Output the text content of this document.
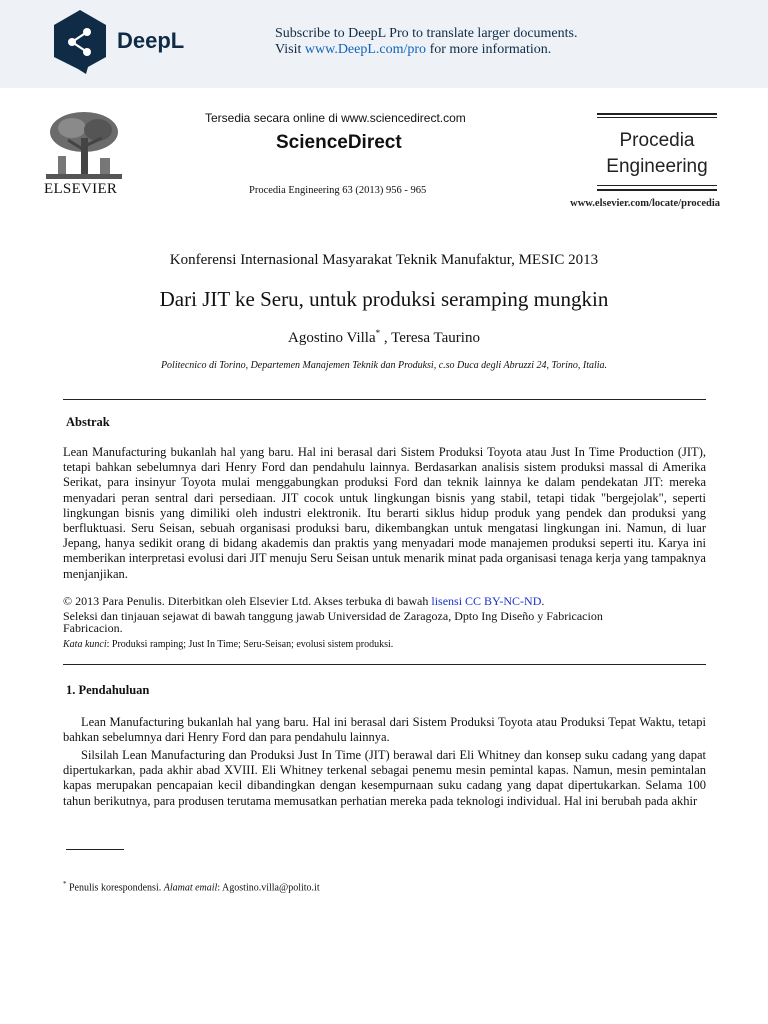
DeepL	Subscribe to DeepL Pro to translate larger documents.
Visit www.DeepL.com/pro for more information.
ELSEVIER
Tersedia secara online di www.sciencedirect.com
ScienceDirect
Procedia Engineering 63 (2013) 956 - 965
Procedia
Engineering
www.elsevier.com/locate/procedia
Konferensi Internasional Masyarakat Teknik Manufaktur, MESIC 2013
Dari JIT ke Seru, untuk produksi seramping mungkin
Agostino Villa* , Teresa Taurino
Politecnico di Torino, Departemen Manajemen Teknik dan Produksi, c.so Duca degli Abruzzi 24, Torino, Italia.
Abstrak

Lean Manufacturing bukanlah hal yang baru. Hal ini berasal dari Sistem Produksi Toyota atau Just In Time Production (JIT), tetapi bahkan sebelumnya dari Henry Ford dan pendahulu lainnya. Berdasarkan analisis sistem produksi massal di Amerika Serikat, para insinyur Toyota mulai menggabungkan produksi Ford dan teknik lainnya ke dalam pendekatan JIT: mereka menyadari peran sentral dari persediaan. JIT cocok untuk lingkungan bisnis yang stabil, tetapi tidak "bergejolak", seperti lingkungan bisnis yang dimiliki oleh industri elektronik. Itu berarti siklus hidup produk yang pendek dan produksi yang berfluktuasi. Seru Seisan, sebuah organisasi produksi baru, dikembangkan untuk mengatasi lingkungan ini. Namun, di luar Jepang, hanya sedikit orang di bidang akademis dan praktis yang menyadari mode manajemen produksi seperti itu. Karya ini memberikan interpretasi evolusi dari JIT menuju Seru Seisan untuk menarik minat pada organisasi tenaga kerja yang tampaknya menjanjikan.

© 2013 Para Penulis. Diterbitkan oleh Elsevier Ltd. Akses terbuka di bawah lisensi CC BY-NC-ND.
Seleksi dan tinjauan sejawat di bawah tanggung jawab Universidad de Zaragoza, Dpto Ing Diseño y Fabricacion
Fabricacion.
Kata kunci: Produksi ramping; Just In Time; Seru-Seisan; evolusi sistem produksi.
1. Pendahuluan

Lean Manufacturing bukanlah hal yang baru. Hal ini berasal dari Sistem Produksi Toyota atau Produksi Tepat Waktu, tetapi bahkan sebelumnya dari Henry Ford dan para pendahulu lainnya.

Silsilah Lean Manufacturing dan Produksi Just In Time (JIT) berawal dari Eli Whitney dan konsep suku cadang yang dapat dipertukarkan, pada akhir abad XVIII. Eli Whitney terkenal sebagai penemu mesin pemintal kapas. Namun, mesin pemintalan kapas merupakan pencapaian kecil dibandingkan dengan kesempurnaan suku cadang yang dapat dipertukarkan. Selama 100 tahun berikutnya, para produsen terutama memusatkan perhatian mereka pada teknologi individual. Hal ini berubah pada akhir

* Penulis korespondensi. Alamat email: Agostino.villa@polito.it
